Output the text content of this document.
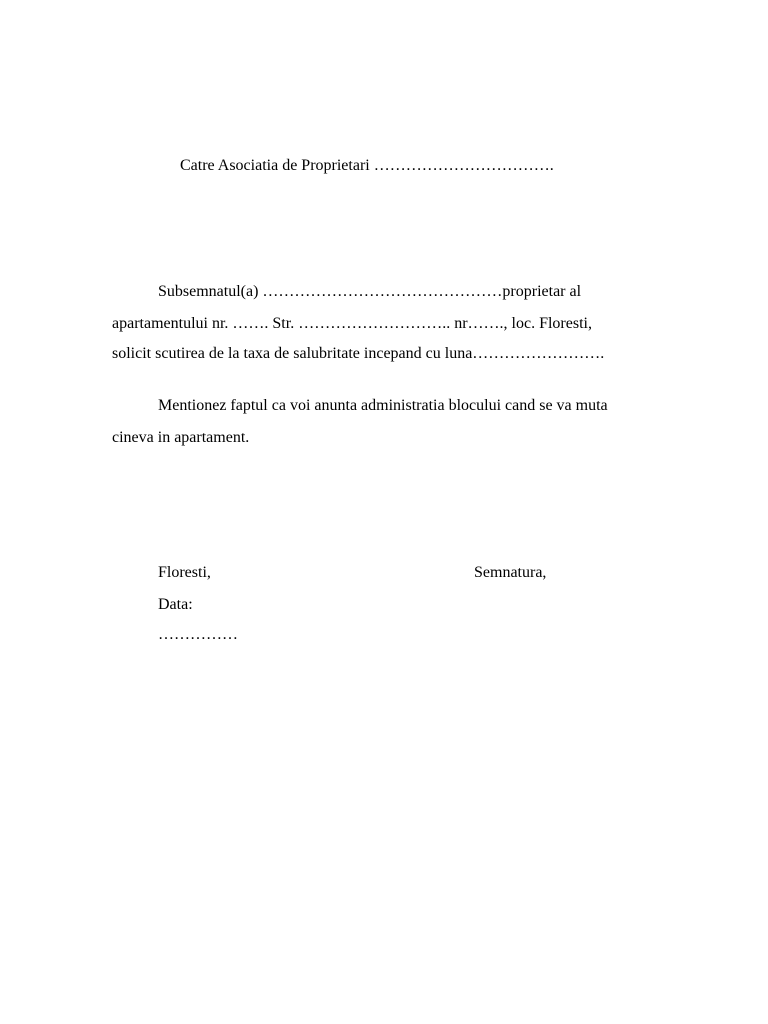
Catre Asociatia de Proprietari …………………………….
Subsemnatul(a) ………………………………………proprietar al
apartamentului nr. ……. Str. ……………………….. nr……., loc. Floresti,
solicit scutirea de la taxa de salubritate incepand cu luna…………………….
Mentionez faptul ca voi anunta administratia blocului cand se va muta
cineva in apartament.
Floresti,	Semnatura,
Data:
……………
